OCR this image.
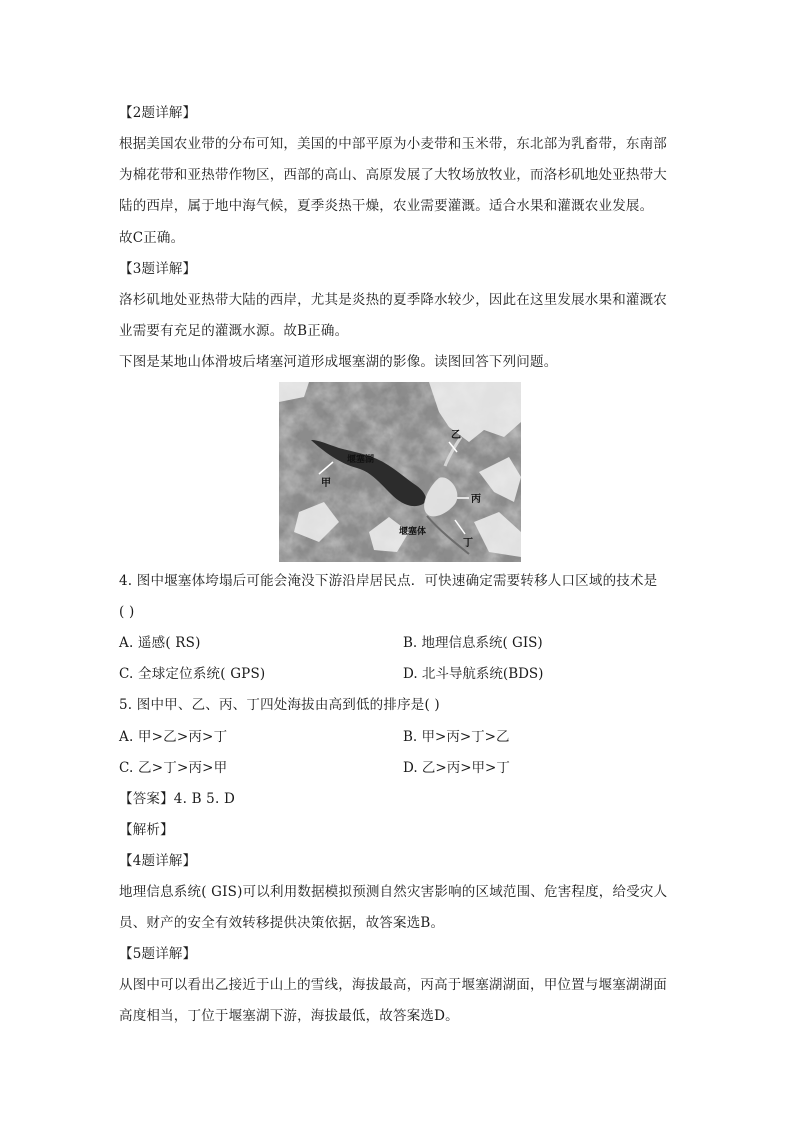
【2题详解】
根据美国农业带的分布可知，美国的中部平原为小麦带和玉米带，东北部为乳畜带，东南部
为棉花带和亚热带作物区，西部的高山、高原发展了大牧场放牧业，而洛杉矶地处亚热带大
陆的西岸，属于地中海气候，夏季炎热干燥，农业需要灌溉。适合水果和灌溉农业发展。
故C正确。
【3题详解】
洛杉矶地处亚热带大陆的西岸，尤其是炎热的夏季降水较少，因此在这里发展水果和灌溉农
业需要有充足的灌溉水源。故B正确。
下图是某地山体滑坡后堵塞河道形成堰塞湖的影像。读图回答下列问题。
堰塞湖
堰塞体
甲
乙
丙
丁
4. 图中堰塞体垮塌后可能会淹没下游沿岸居民点．可快速确定需要转移人口区域的技术是
( )
A. 遥感( RS)	B. 地理信息系统( GIS)
C. 全球定位系统( GPS)	D. 北斗导航系统(BDS)
5. 图中甲、乙、丙、丁四处海拔由高到低的排序是( )
A. 甲>乙>丙>丁	B. 甲>丙>丁>乙
C. 乙>丁>丙>甲	D. 乙>丙>甲>丁
【答案】4. B 5. D
【解析】
【4题详解】
地理信息系统( GIS)可以利用数据模拟预测自然灾害影响的区域范围、危害程度，给受灾人
员、财产的安全有效转移提供决策依据，故答案选B。
【5题详解】
从图中可以看出乙接近于山上的雪线，海拔最高，丙高于堰塞湖湖面，甲位置与堰塞湖湖面
高度相当，丁位于堰塞湖下游，海拔最低，故答案选D。
